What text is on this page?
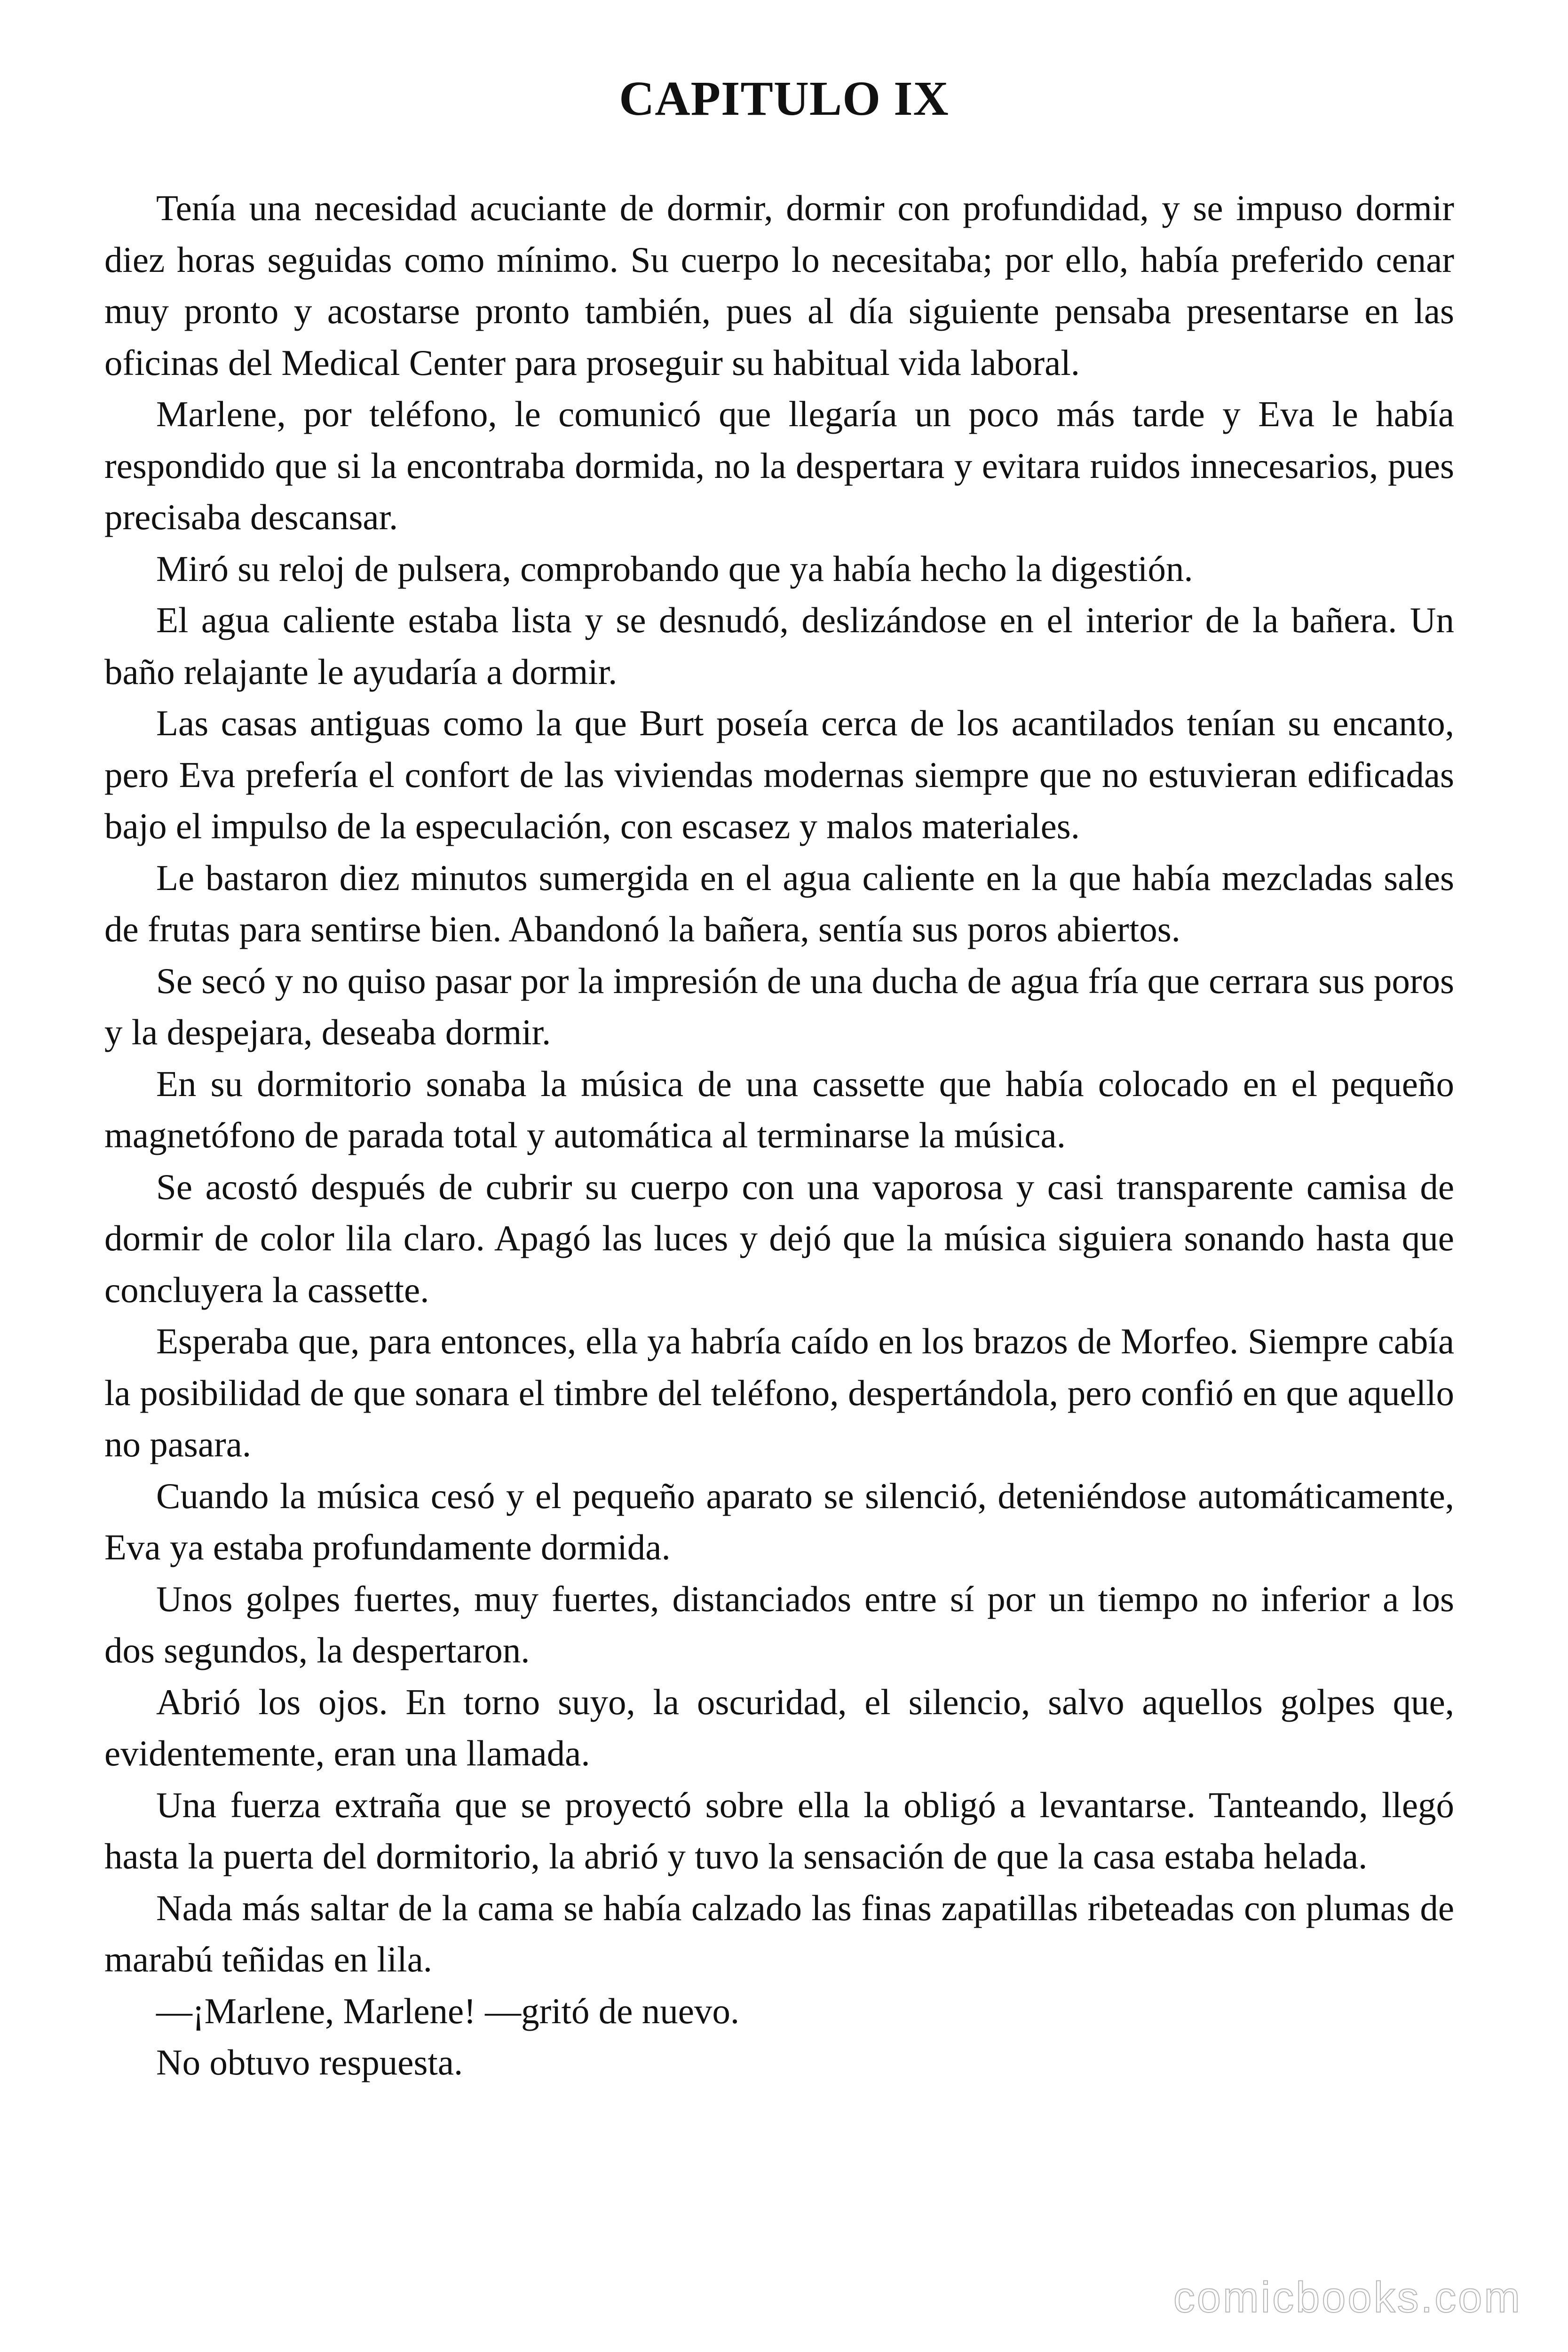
CAPITULO IX

Tenía una necesidad acuciante de dormir, dormir con profundidad, y se impuso dormir diez horas seguidas como mínimo. Su cuerpo lo necesitaba; por ello, había preferido cenar muy pronto y acostarse pronto también, pues al día siguiente pensaba presentarse en las oficinas del Medical Center para proseguir su habitual vida laboral.

Marlene, por teléfono, le comunicó que llegaría un poco más tarde y Eva le había respondido que si la encontraba dormida, no la despertara y evitara ruidos innecesarios, pues precisaba descansar.

Miró su reloj de pulsera, comprobando que ya había hecho la digestión.

El agua caliente estaba lista y se desnudó, deslizándose en el interior de la bañera. Un baño relajante le ayudaría a dormir.

Las casas antiguas como la que Burt poseía cerca de los acantilados tenían su encanto, pero Eva prefería el confort de las viviendas modernas siempre que no estuvieran edificadas bajo el impulso de la especulación, con escasez y malos materiales.

Le bastaron diez minutos sumergida en el agua caliente en la que había mezcladas sales de frutas para sentirse bien. Abandonó la bañera, sentía sus poros abiertos.

Se secó y no quiso pasar por la impresión de una ducha de agua fría que cerrara sus poros y la despejara, deseaba dormir.

En su dormitorio sonaba la música de una cassette que había colocado en el pequeño magnetófono de parada total y automática al terminarse la música.

Se acostó después de cubrir su cuerpo con una vaporosa y casi transparente camisa de dormir de color lila claro. Apagó las luces y dejó que la música siguiera sonando hasta que concluyera la cassette.

Esperaba que, para entonces, ella ya habría caído en los brazos de Morfeo. Siempre cabía la posibilidad de que sonara el timbre del teléfono, despertándola, pero confió en que aquello no pasara.

Cuando la música cesó y el pequeño aparato se silenció, deteniéndose automáticamente, Eva ya estaba profundamente dormida.

Unos golpes fuertes, muy fuertes, distanciados entre sí por un tiempo no inferior a los dos segundos, la despertaron.

Abrió los ojos. En torno suyo, la oscuridad, el silencio, salvo aquellos golpes que, evidentemente, eran una llamada.

Una fuerza extraña que se proyectó sobre ella la obligó a levantarse. Tanteando, llegó hasta la puerta del dormitorio, la abrió y tuvo la sensación de que la casa estaba helada.

Nada más saltar de la cama se había calzado las finas zapatillas ribeteadas con plumas de marabú teñidas en lila.

—¡Marlene, Marlene! —gritó de nuevo.

No obtuvo respuesta.

comicbooks.com
